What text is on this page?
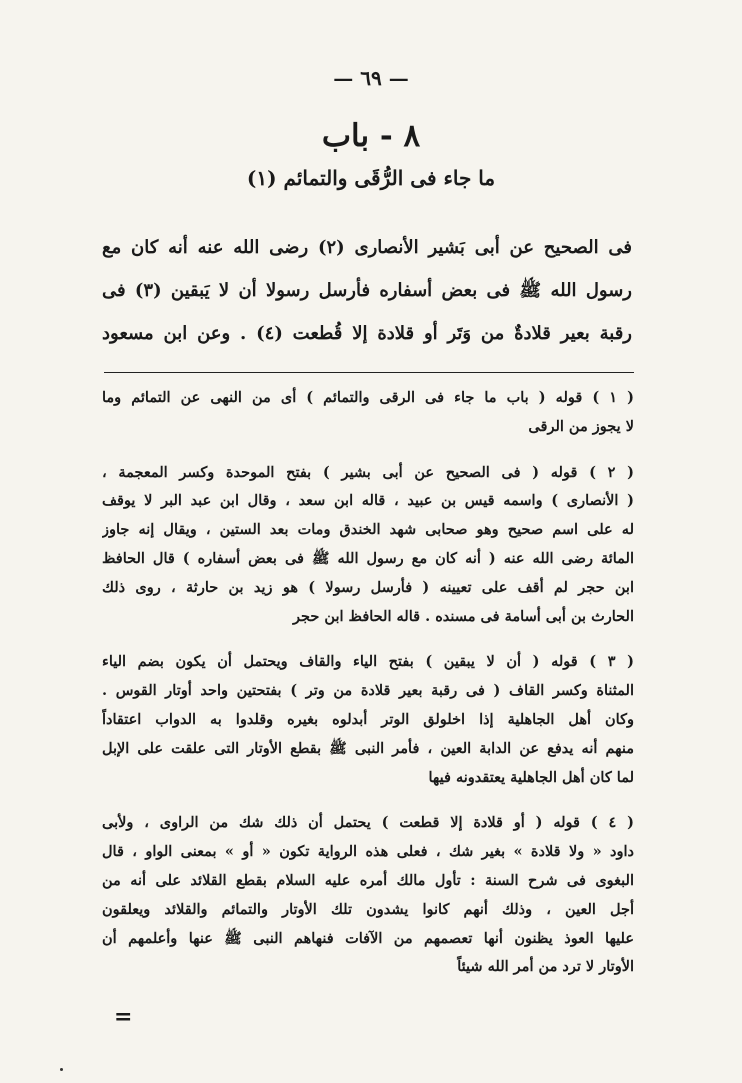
— ٦٩ —
٨ - باب
ما جاء فى الرُّقَى والتمائم (١)

فى الصحيح عن أبى بَشير الأنصارى (٢) رضى الله عنه أنه كان مع

رسول الله ﷺ فى بعض أسفاره فأرسل رسولا أن لا يَبقين (٣) فى

رقبة بعير قلادةٌ من وَتَر أو قلادة إلا قُطعت (٤) . وعن ابن مسعود

( ١ ) قوله ( باب ما جاء فى الرقى والتمائم ) أى من النهى عن التمائم وما
لا يجوز من الرقى
( ٢ ) قوله ( فى الصحيح عن أبى بشير ) بفتح الموحدة وكسر المعجمة ،
( الأنصارى ) واسمه قيس بن عبيد ، قاله ابن سعد ، وقال ابن عبد البر لا يوقف
له على اسم صحيح وهو صحابى شهد الخندق ومات بعد الستين ، ويقال إنه جاوز
المائة رضى الله عنه ( أنه كان مع رسول الله ﷺ فى بعض أسفاره ) قال الحافظ
ابن حجر لم أقف على تعيينه ( فأرسل رسولا ) هو زيد بن حارثة ، روى ذلك
الحارث بن أبى أسامة فى مسنده . قاله الحافظ ابن حجر
( ٣ ) قوله ( أن لا يبقين ) بفتح الياء والقاف ويحتمل أن يكون بضم الياء
المثناة وكسر القاف ( فى رقبة بعير قلادة من وتر ) بفتحتين واحد أوتار القوس .
وكان أهل الجاهلية إذا اخلولق الوتر أبدلوه بغيره وقلدوا به الدواب اعتقاداً
منهم أنه يدفع عن الدابة العين ، فأمر النبى ﷺ بقطع الأوتار التى علقت على الإبل
لما كان أهل الجاهلية يعتقدونه فيها
( ٤ ) قوله ( أو قلادة إلا قطعت ) يحتمل أن ذلك شك من الراوى ، ولأبى
داود « ولا قلادة » بغير شك ، فعلى هذه الرواية تكون « أو » بمعنى الواو ، قال
البغوى فى شرح السنة : تأول مالك أمره عليه السلام بقطع القلائد على أنه من
أجل العين ، وذلك أنهم كانوا يشدون تلك الأوتار والتمائم والقلائد ويعلقون
عليها العوذ يظنون أنها تعصمهم من الآفات فنهاهم النبى ﷺ عنها وأعلمهم أن
الأوتار لا ترد من أمر الله شيئاً
=
